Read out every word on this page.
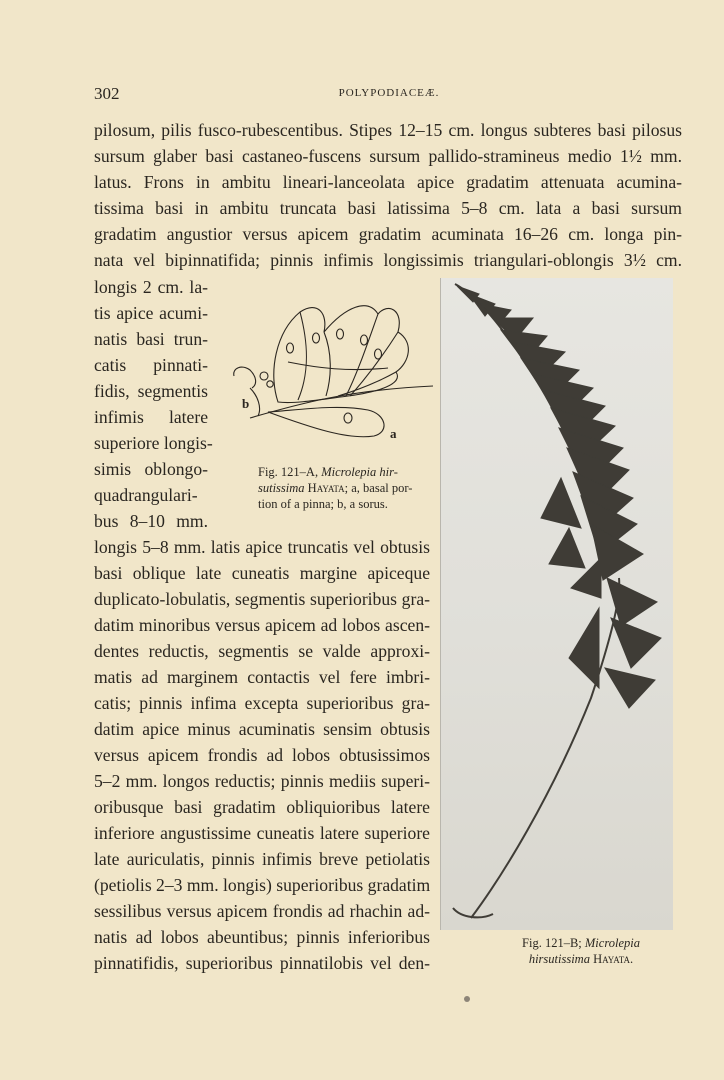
302	POLYPODIACEÆ.
pilosum, pilis fusco-rubescentibus. Stipes 12–15 cm. longus subteres basi pilosus
sursum glaber basi castaneo-fuscens sursum pallido-stramineus medio 1½ mm.
latus. Frons in ambitu lineari-lanceolata apice gradatim attenuata acumina-
tissima basi in ambitu truncata basi latissima 5–8 cm. lata a basi sursum
gradatim angustior versus apicem gradatim acuminata 16–26 cm. longa pin-
nata vel bipinnatifida; pinnis infimis longissimis triangulari-oblongis 3½ cm.
longis 2 cm. la-
tis apice acumi-
natis basi trun-
catis pinnati-
fidis, segmentis
infimis latere
superiore longis-
simis oblongo-
quadrangulari-
bus 8–10 mm.
longis 5–8 mm. latis apice truncatis vel obtusis
basi oblique late cuneatis margine apiceque
duplicato-lobulatis, segmentis superioribus gra-
datim minoribus versus apicem ad lobos ascen-
dentes reductis, segmentis se valde approxi-
matis ad marginem contactis vel fere imbri-
catis; pinnis infima excepta superioribus gra-
datim apice minus acuminatis sensim obtusis
versus apicem frondis ad lobos obtusissimos
5–2 mm. longos reductis; pinnis mediis superi-
oribusque basi gradatim obliquioribus latere
inferiore angustissime cuneatis latere superiore
late auriculatis, pinnis infimis breve petiolatis
(petiolis 2–3 mm. longis) superioribus gradatim
sessilibus versus apicem frondis ad rhachin ad-
natis ad lobos abeuntibus; pinnis inferioribus
pinnatifidis, superioribus pinnatilobis vel den-
b
a
Fig. 121–A, Microlepia hir-
sutissima Hayata; a, basal por-
tion of a pinna; b, a sorus.
Fig. 121–B; Microlepia
hirsutissima Hayata.
